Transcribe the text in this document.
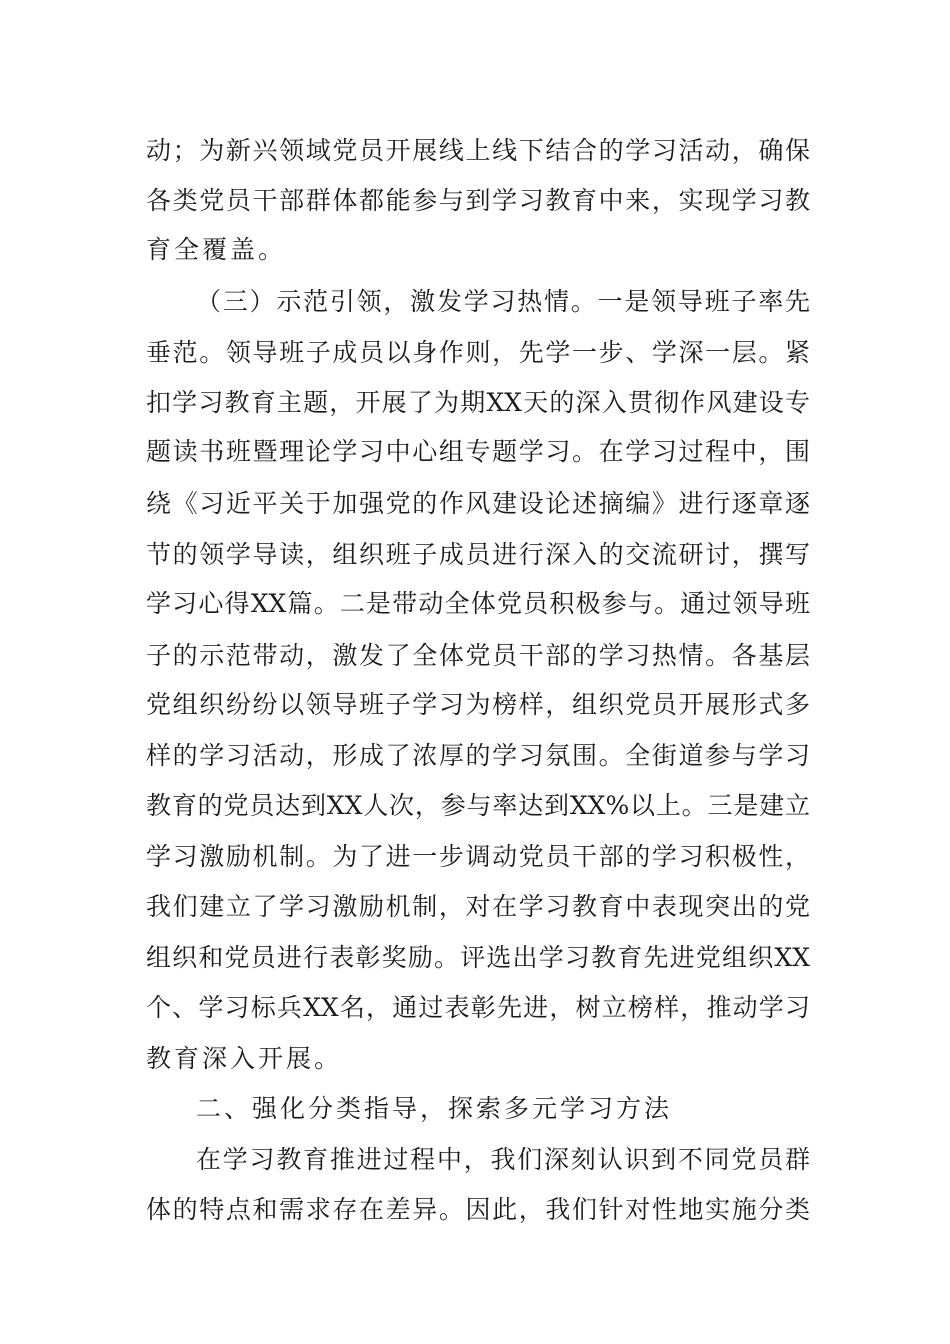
动；为新兴领域党员开展线上线下结合的学习活动，确保
各类党员干部群体都能参与到学习教育中来，实现学习教
育全覆盖。
（三）示范引领，激发学习热情。一是领导班子率先
垂范。领导班子成员以身作则，先学一步、学深一层。紧
扣学习教育主题，开展了为期XX天的深入贯彻作风建设专
题读书班暨理论学习中心组专题学习。在学习过程中，围
绕《习近平关于加强党的作风建设论述摘编》进行逐章逐
节的领学导读，组织班子成员进行深入的交流研讨，撰写
学习心得XX篇。二是带动全体党员积极参与。通过领导班
子的示范带动，激发了全体党员干部的学习热情。各基层
党组织纷纷以领导班子学习为榜样，组织党员开展形式多
样的学习活动，形成了浓厚的学习氛围。全街道参与学习
教育的党员达到XX人次，参与率达到XX%以上。三是建立
学习激励机制。为了进一步调动党员干部的学习积极性，
我们建立了学习激励机制，对在学习教育中表现突出的党
组织和党员进行表彰奖励。评选出学习教育先进党组织XX
个、学习标兵XX名，通过表彰先进，树立榜样，推动学习
教育深入开展。
二、强化分类指导，探索多元学习方法
在学习教育推进过程中，我们深刻认识到不同党员群
体的特点和需求存在差异。因此，我们针对性地实施分类
